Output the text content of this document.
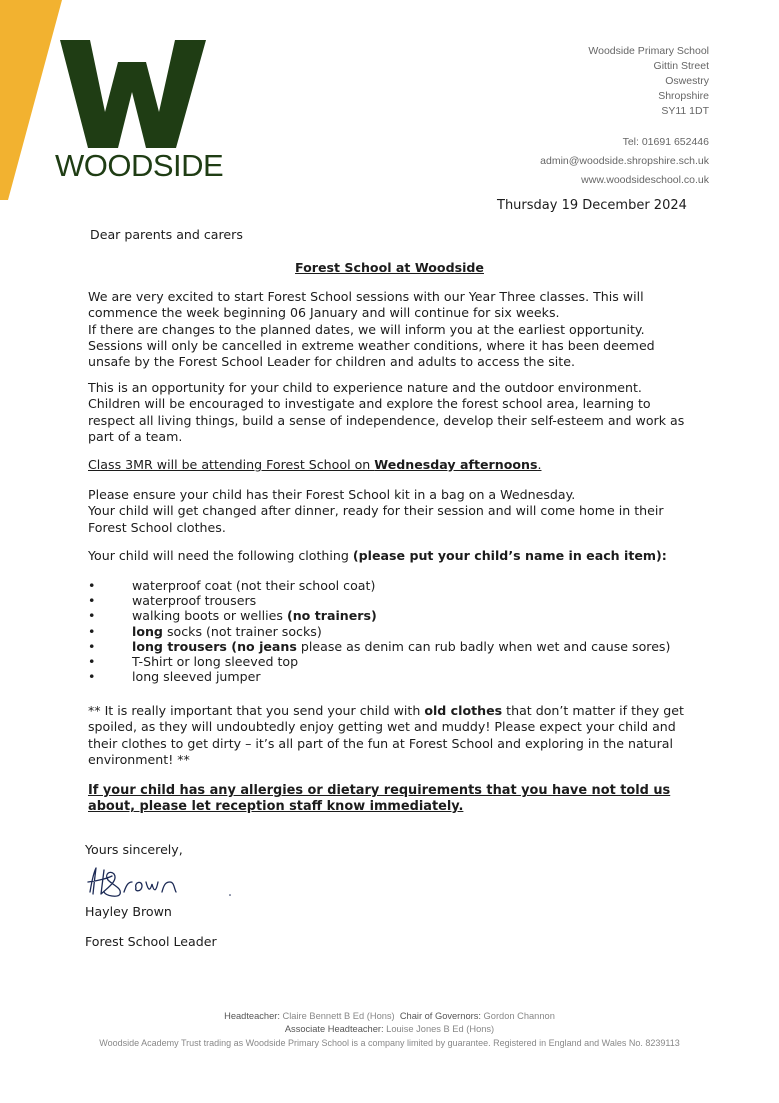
WOODSIDE
Woodside Primary School
Gittin Street
Oswestry
Shropshire
SY11 1DT
Tel: 01691 652446
admin@woodside.shropshire.sch.uk
www.woodsideschool.co.uk
Thursday 19 December 2024
Dear parents and carers
Forest School at Woodside
We are very excited to start Forest School sessions with our Year Three classes. This will commence the week beginning 06 January and will continue for six weeks.
If there are changes to the planned dates, we will inform you at the earliest opportunity. Sessions will only be cancelled in extreme weather conditions, where it has been deemed unsafe by the Forest School Leader for children and adults to access the site.
This is an opportunity for your child to experience nature and the outdoor environment. Children will be encouraged to investigate and explore the forest school area, learning to respect all living things, build a sense of independence, develop their self-esteem and work as part of a team.
Class 3MR will be attending Forest School on Wednesday afternoons.
Please ensure your child has their Forest School kit in a bag on a Wednesday.
Your child will get changed after dinner, ready for their session and will come home in their Forest School clothes.
Your child will need the following clothing (please put your child’s name in each item):
• waterproof coat (not their school coat)
• waterproof trousers
• walking boots or wellies (no trainers)
• long socks (not trainer socks)
• long trousers (no jeans please as denim can rub badly when wet and cause sores)
• T-Shirt or long sleeved top
• long sleeved jumper
** It is really important that you send your child with old clothes that don’t matter if they get spoiled, as they will undoubtedly enjoy getting wet and muddy! Please expect your child and their clothes to get dirty – it’s all part of the fun at Forest School and exploring in the natural environment! **
If your child has any allergies or dietary requirements that you have not told us about, please let reception staff know immediately.
Yours sincerely,
Hayley Brown
Forest School Leader
Headteacher: Claire Bennett B Ed (Hons) Chair of Governors: Gordon Channon
Associate Headteacher: Louise Jones B Ed (Hons)
Woodside Academy Trust trading as Woodside Primary School is a company limited by guarantee. Registered in England and Wales No. 8239113
